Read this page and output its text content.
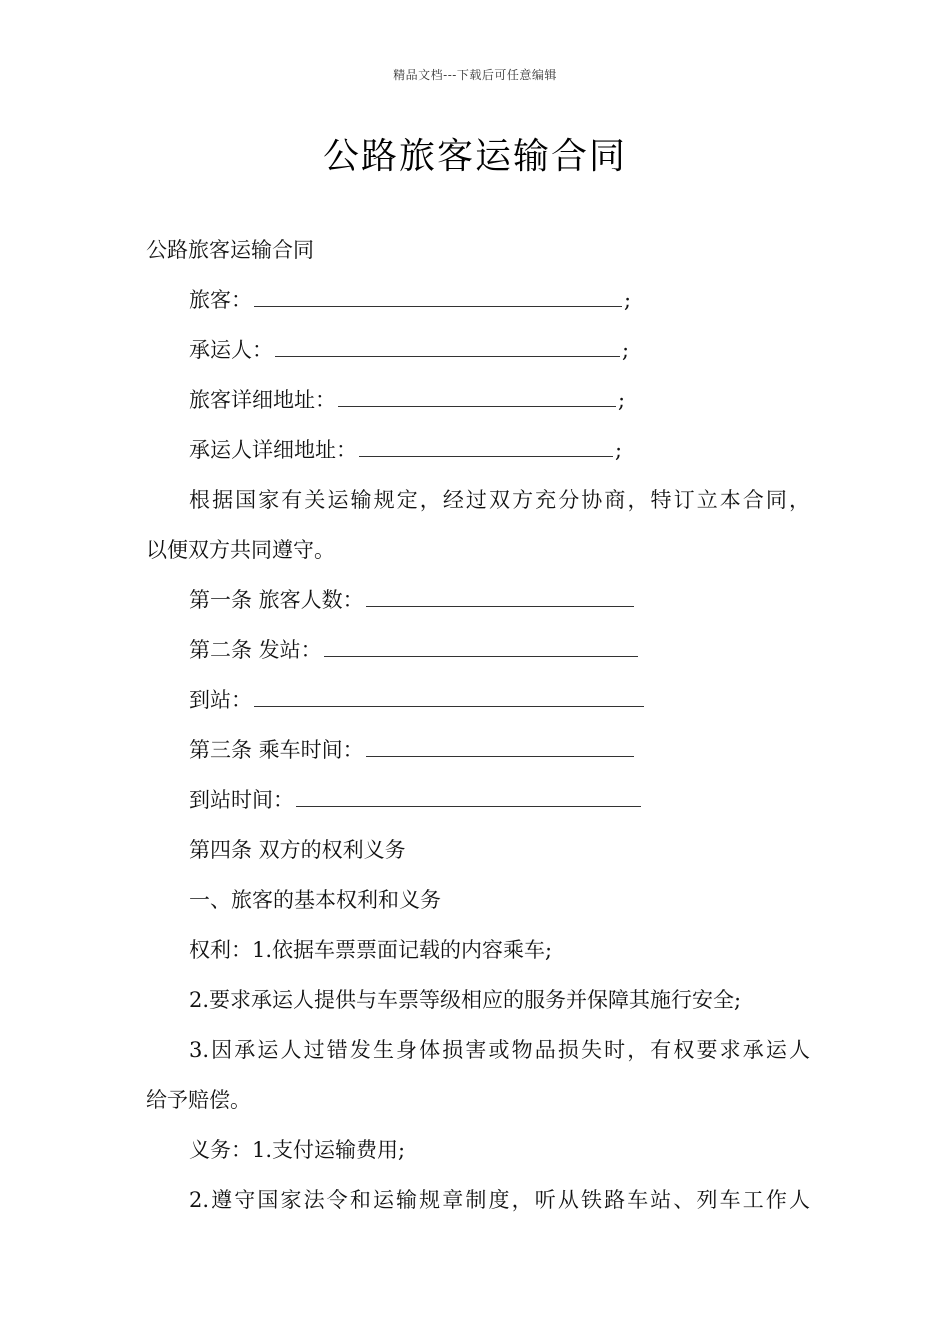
精品文档---下载后可任意编辑
公路旅客运输合同
公路旅客运输合同
旅客：	;
承运人：	;
旅客详细地址：	;
承运人详细地址：	;
根据国家有关运输规定，经过双方充分协商，特订立本合同，
以便双方共同遵守。
第一条 旅客人数：
第二条 发站：
到站：
第三条 乘车时间：
到站时间：
第四条 双方的权利义务
一、旅客的基本权利和义务
权利：1.依据车票票面记载的内容乘车;
2.要求承运人提供与车票等级相应的服务并保障其施行安全;
3.因承运人过错发生身体损害或物品损失时，有权要求承运人
给予赔偿。
义务：1.支付运输费用;
2.遵守国家法令和运输规章制度，听从铁路车站、列车工作人
